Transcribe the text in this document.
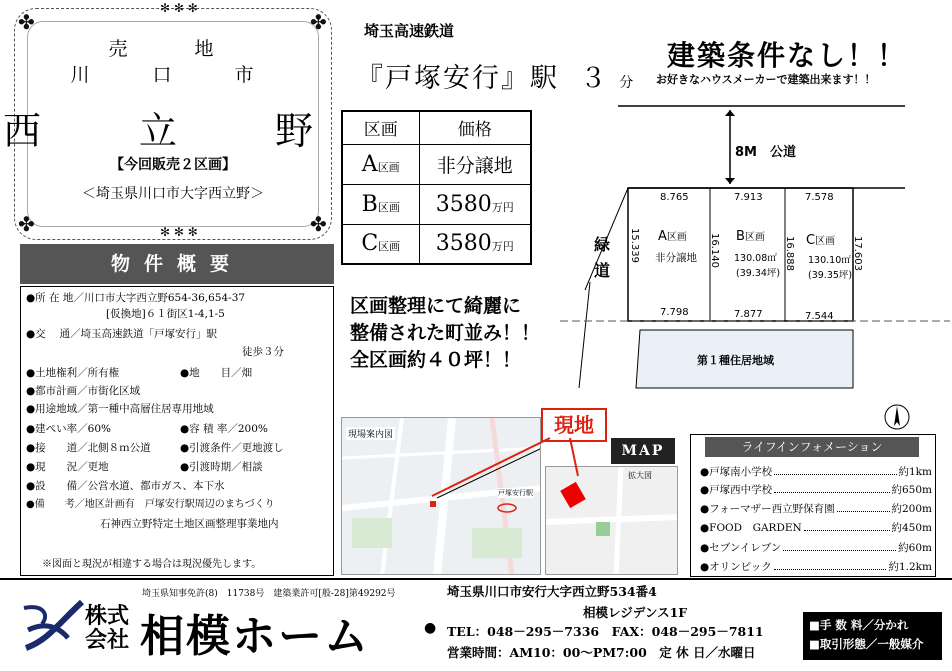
✤	✤
✤	✤
✻ ✻ ✻
✻ ✻ ✻
売　地
川　口　市
西　立　野
【今回販売２区画】
＜埼玉県川口市大字西立野＞
物件概要
●所 在 地／川口市大字西立野654-36,654-37
[仮換地]６１街区1-4,1-5
●交　 通／埼玉高速鉄道「戸塚安行」駅
徒歩３分
●土地権利／所有権	●地　　目／畑
●都市計画／市街化区域
●用途地域／第一種中高層住居専用地域
●建ぺい率／60%	●容 積 率／200%
●接　　道／北側８ｍ公道	●引渡条件／更地渡し
●現　　況／更地	●引渡時期／相談
●設　　備／公営水道、都市ガス、本下水
●備　　考／地区計画有　戸塚安行駅周辺のまちづくり
石神西立野特定土地区画整理事業地内
※図面と現況が相違する場合は現況優先します。
埼玉高速鉄道
『戸塚安行』駅 ３ 分
建築条件なし！！
お好きなハウスメーカーで建築出来ます！！
区画	価格
A区画	非分譲地
B区画	3580万円
C区画	3580万円
8M　公道
緑道
第１種住居地域
8.765	7.913	7.578
7.798	7.877	7.544
15.339	16.140	16.888	17.603
A区画
非分譲地
B区画
130.08㎡
(39.34坪)
C区画
130.10㎡
(39.35坪)
区画整理にて綺麗に
整備された町並み！！
全区画約４０坪！！
現場案内図
戸塚安行駅
拡大図
MAP
現地
ライフインフォメーション
●戸塚南小学校	約1km
●戸塚西中学校	約650m
●フォーマザー西立野保育園	約200m
●FOOD　GARDEN	約450m
●セブンイレブン	約60m
●オリンピック	約1.2km
埼玉県知事免許(8)　11738号　建築業許可[般-28]第49292号
株式
会社 相模ホーム	●
埼玉県川口市安行大字西立野534番4
相模レジデンス1F
TEL：048－295－7336　FAX：048－295－7811
営業時間：AM10：00～PM7:00　定 休 日／水曜日
■手 数 料／分かれ
■取引形態／一般媒介
